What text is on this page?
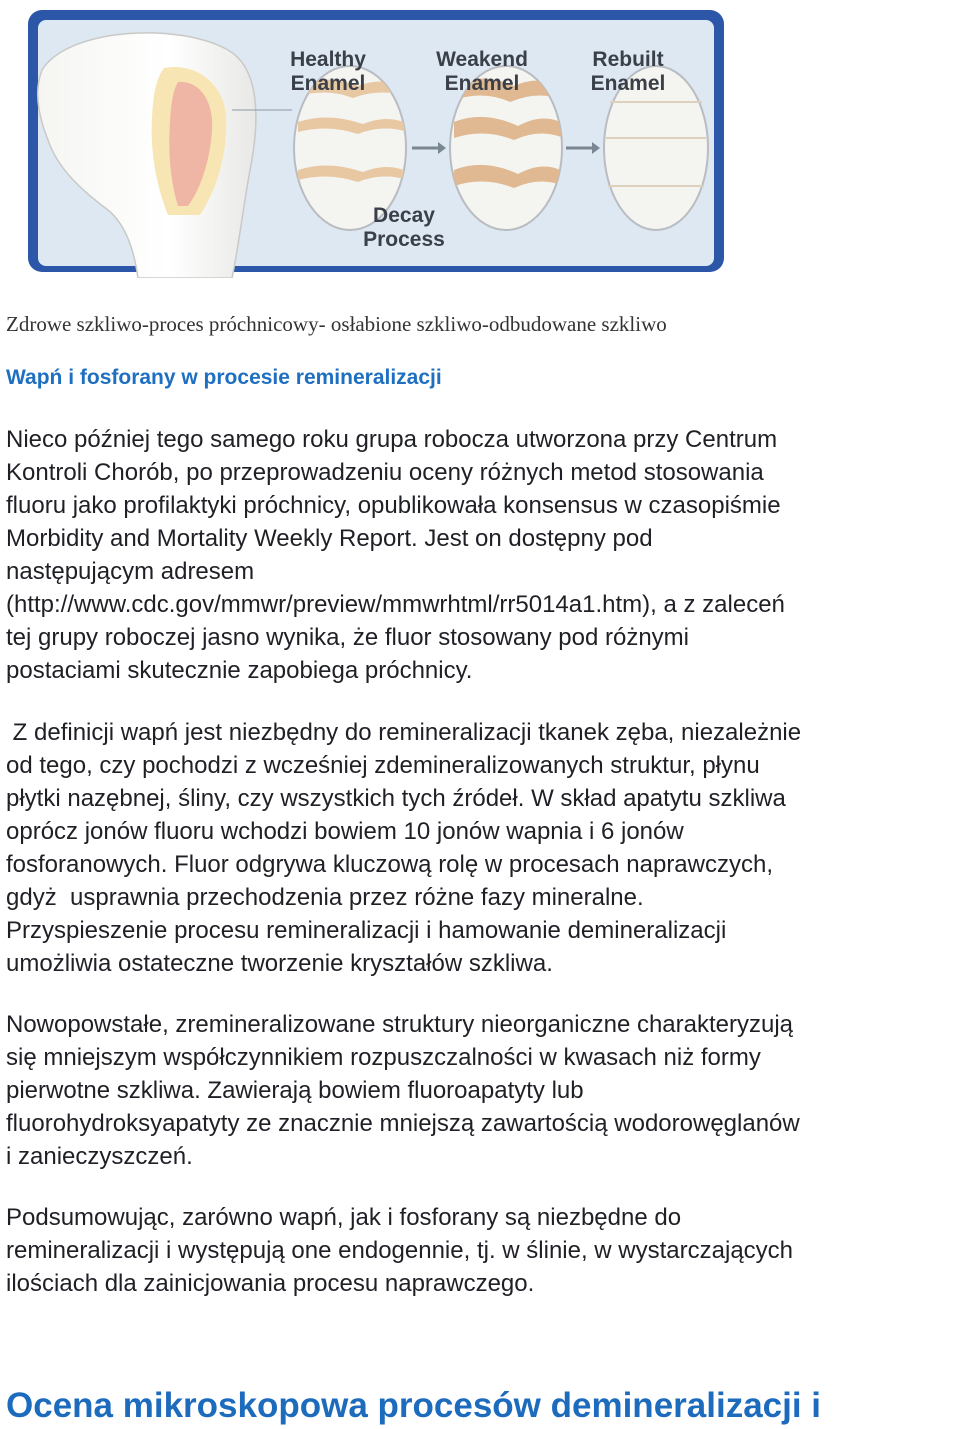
Healthy Enamel
Weakend Enamel
Rebuilt Enamel
Decay Process
Zdrowe szkliwo-proces próchnicowy- osłabione szkliwo-odbudowane szkliwo
Wapń i fosforany w procesie remineralizacji
Nieco później tego samego roku grupa robocza utworzona przy Centrum
Kontroli Chorób, po przeprowadzeniu oceny różnych metod stosowania
fluoru jako profilaktyki próchnicy, opublikowała konsensus w czasopiśmie
Morbidity and Mortality Weekly Report. Jest on dostępny pod
następującym adresem
(http://www.cdc.gov/mmwr/preview/mmwrhtml/rr5014a1.htm), a z zaleceń
tej grupy roboczej jasno wynika, że fluor stosowany pod różnymi
postaciami skutecznie zapobiega próchnicy.
Z definicji wapń jest niezbędny do remineralizacji tkanek zęba, niezależnie
od tego, czy pochodzi z wcześniej zdemineralizowanych struktur, płynu
płytki nazębnej, śliny, czy wszystkich tych źródeł. W skład apatytu szkliwa
oprócz jonów fluoru wchodzi bowiem 10 jonów wapnia i 6 jonów
fosforanowych. Fluor odgrywa kluczową rolę w procesach naprawczych,
gdyż  usprawnia przechodzenia przez różne fazy mineralne.
Przyspieszenie procesu remineralizacji i hamowanie demineralizacji
umożliwia ostateczne tworzenie kryształów szkliwa.
Nowopowstałe, zremineralizowane struktury nieorganiczne charakteryzują
się mniejszym współczynnikiem rozpuszczalności w kwasach niż formy
pierwotne szkliwa. Zawierają bowiem fluoroapatyty lub
fluorohydroksyapatyty ze znacznie mniejszą zawartością wodorowęglanów
i zanieczyszczeń.
Podsumowując, zarówno wapń, jak i fosforany są niezbędne do
remineralizacji i występują one endogennie, tj. w ślinie, w wystarczających
ilościach dla zainicjowania procesu naprawczego.
Ocena mikroskopowa procesów demineralizacji i
